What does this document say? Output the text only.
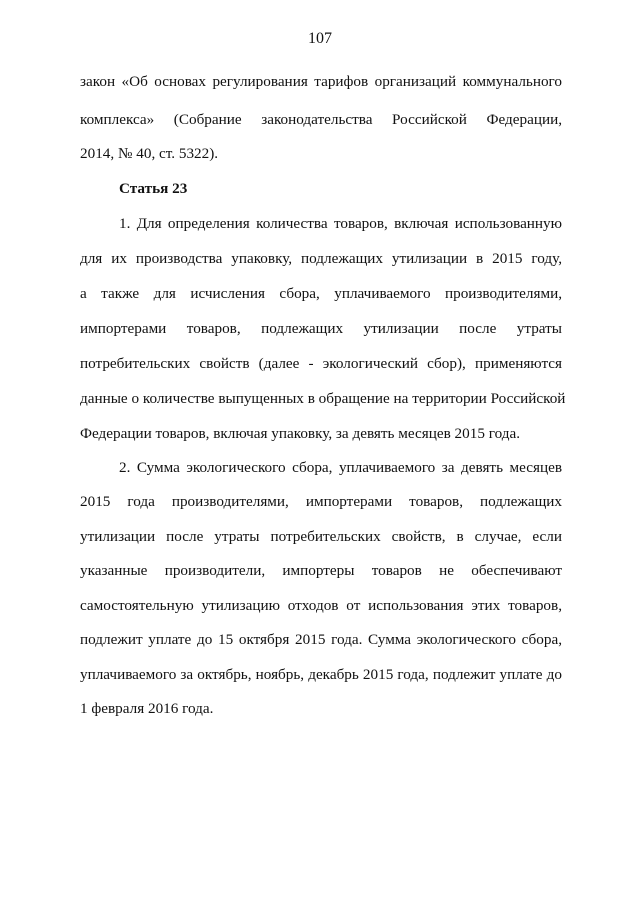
107
закон «Об основах регулирования тарифов организаций коммунального
комплекса» (Собрание законодательства Российской Федерации,
2014, № 40, ст. 5322).
Статья 23
1. Для определения количества товаров, включая использованную
для их производства упаковку, подлежащих утилизации в 2015 году,
а также для исчисления сбора, уплачиваемого производителями,
импортерами товаров, подлежащих утилизации после утраты
потребительских свойств (далее - экологический сбор), применяются
данные о количестве выпущенных в обращение на территории Российской
Федерации товаров, включая упаковку, за девять месяцев 2015 года.
2. Сумма экологического сбора, уплачиваемого за девять месяцев
2015 года производителями, импортерами товаров, подлежащих
утилизации после утраты потребительских свойств, в случае, если
указанные производители, импортеры товаров не обеспечивают
самостоятельную утилизацию отходов от использования этих товаров,
подлежит уплате до 15 октября 2015 года. Сумма экологического сбора,
уплачиваемого за октябрь, ноябрь, декабрь 2015 года, подлежит уплате до
1 февраля 2016 года.
